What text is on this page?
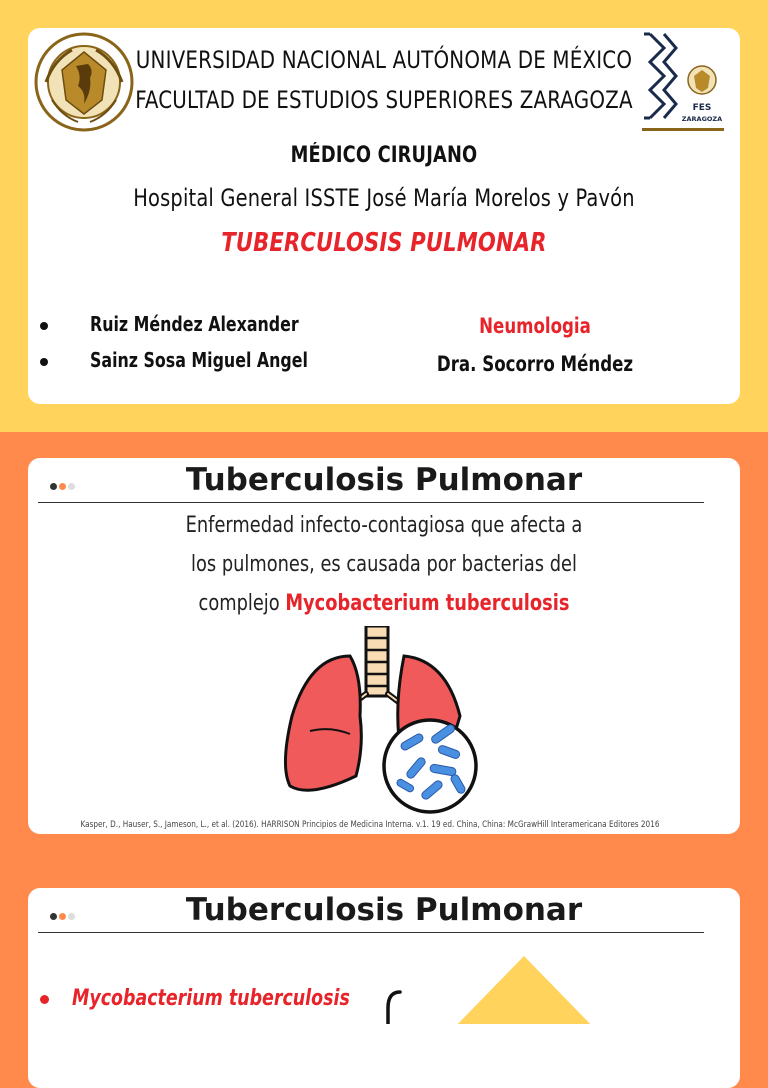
FES
ZARAGOZA
UNIVERSIDAD NACIONAL AUTÓNOMA DE MÉXICO
FACULTAD DE ESTUDIOS SUPERIORES ZARAGOZA
MÉDICO CIRUJANO
Hospital General ISSTE José María Morelos y Pavón
TUBERCULOSIS PULMONAR
Ruiz Méndez Alexander
Sainz Sosa Miguel Angel
Neumologia
Dra. Socorro Méndez
Tuberculosis Pulmonar
Enfermedad infecto-contagiosa que afecta a
los pulmones, es causada por bacterias del
complejo Mycobacterium tuberculosis
Kasper, D., Hauser, S., Jameson, L., et al. (2016). HARRISON Principios de Medicina Interna. v.1. 19 ed. China, China: McGrawHill Interamericana Editores 2016
Tuberculosis Pulmonar
Mycobacterium tuberculosis
